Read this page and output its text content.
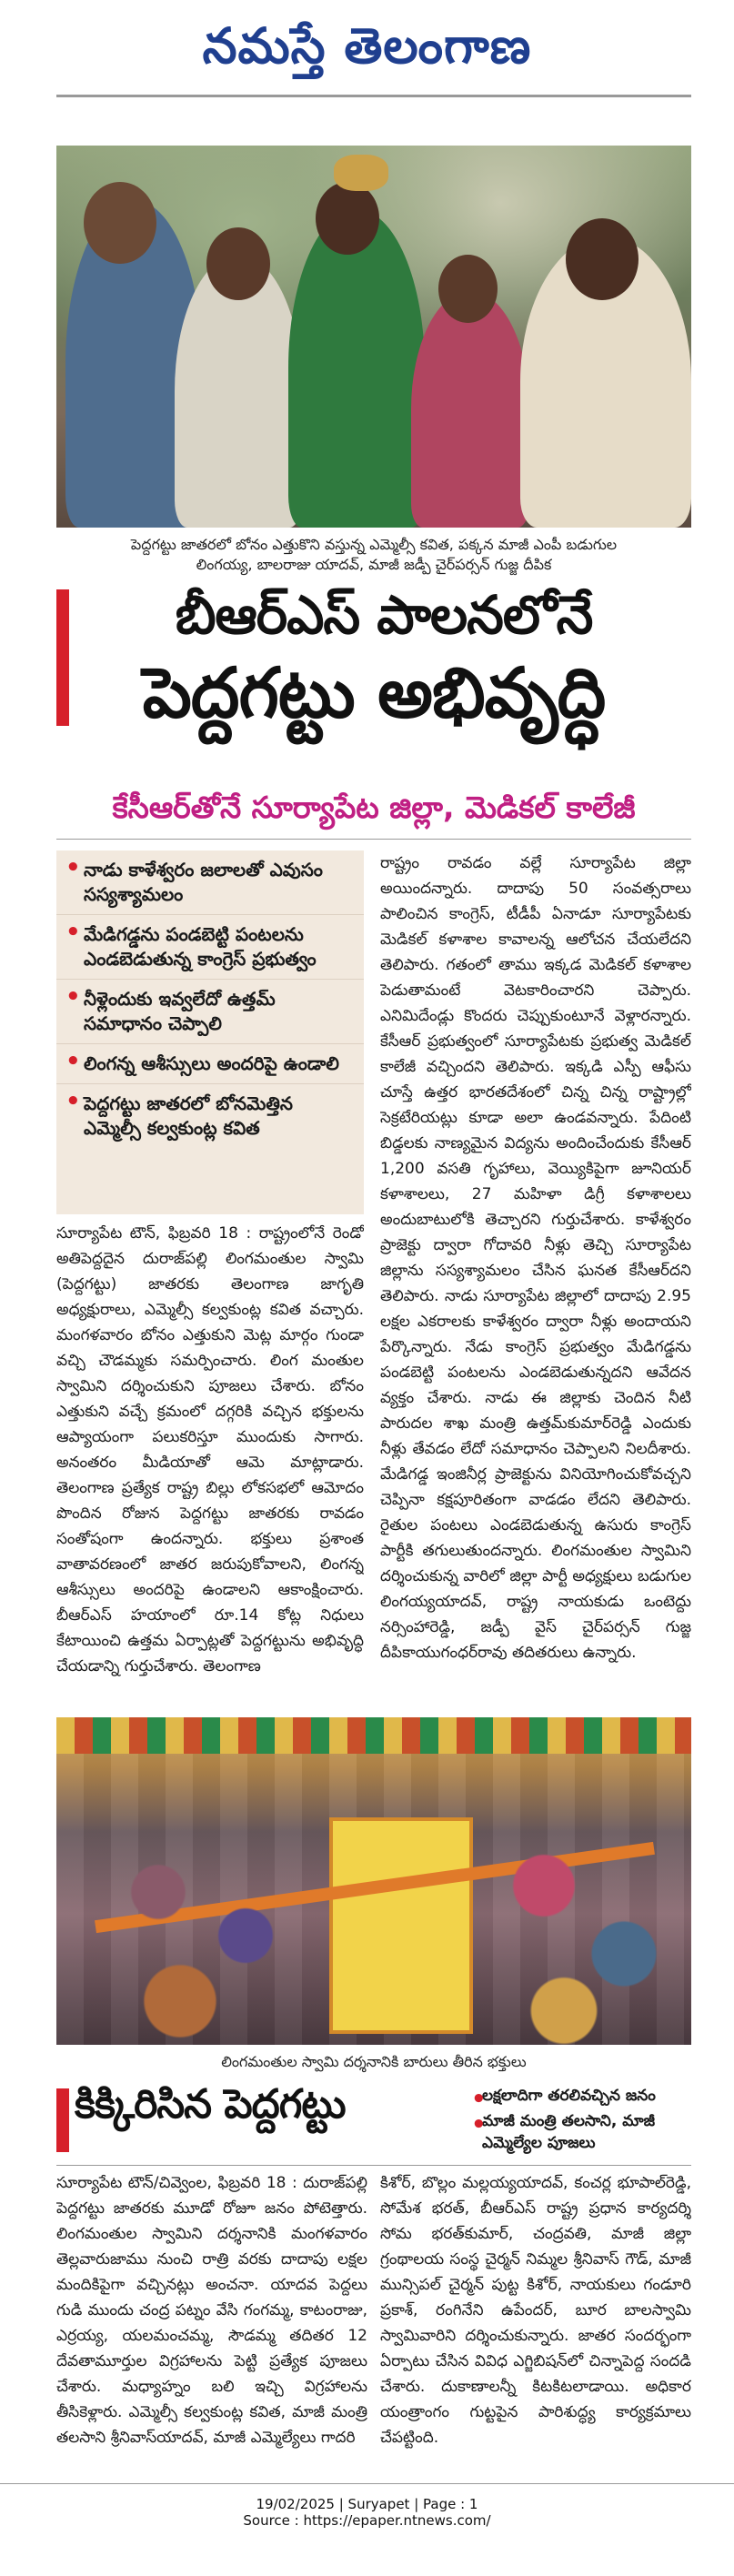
నమస్తే తెలంగాణ
పెద్దగట్టు జాతరలో బోనం ఎత్తుకొని వస్తున్న ఎమ్మెల్సీ కవిత, పక్కన మాజీ ఎంపీ బడుగుల
లింగయ్య, బాలరాజు యాదవ్, మాజీ జడ్పీ చైర్‌పర్సన్ గుజ్జ దీపిక
బీఆర్ఎస్ పాలనలోనే
పెద్దగట్టు అభివృద్ధి
కేసీఆర్‌తోనే సూర్యాపేట జిల్లా, మెడికల్ కాలేజీ
• నాడు కాళేశ్వరం జలాలతో ఎవుసం సస్యశ్యామలం
• మేడిగడ్డను పండబెట్టి పంటలను ఎండబెడుతున్న కాంగ్రెస్ ప్రభుత్వం
• నీళ్లెందుకు ఇవ్వలేదో ఉత్తమ్ సమాధానం చెప్పాలి
• లింగన్న ఆశీస్సులు అందరిపై ఉండాలి
• పెద్దగట్టు జాతరలో బోనమెత్తిన ఎమ్మెల్సీ కల్వకుంట్ల కవిత
సూర్యాపేట టౌన్, ఫిబ్రవరి 18 : రాష్ట్రంలోనే రెండో అతిపెద్దదైన దురాజ్‌పల్లి లింగమంతుల స్వామి (పెద్దగట్టు) జాతరకు తెలంగాణ జాగృతి అధ్యక్షురాలు, ఎమ్మెల్సీ కల్వకుంట్ల కవిత వచ్చారు. మంగళవారం బోనం ఎత్తుకుని మెట్ల మార్గం గుండా వచ్చి చౌడమ్మకు సమర్పించారు. లింగ మంతుల స్వామిని దర్శించుకుని పూజలు చేశారు. బోనం ఎత్తుకుని వచ్చే క్రమంలో దగ్గరికి వచ్చిన భక్తులను ఆప్యాయంగా పలుకరిస్తూ ముందుకు సాగారు. అనంతరం మీడియాతో ఆమె మాట్లాడారు. తెలంగాణ ప్రత్యేక రాష్ట్ర బిల్లు లోకసభలో ఆమోదం పొందిన రోజున పెద్దగట్టు జాతరకు రావడం సంతోషంగా ఉందన్నారు. భక్తులు ప్రశాంత వాతావరణంలో జాతర జరుపుకోవాలని, లింగన్న ఆశీస్సులు అందరిపై ఉండాలని ఆకాంక్షించారు. బీఆర్ఎస్ హయాంలో రూ.14 కోట్ల నిధులు కేటాయించి ఉత్తమ ఏర్పాట్లతో పెద్దగట్టును అభివృద్ధి చేయడాన్ని గుర్తుచేశారు. తెలంగాణ
రాష్ట్రం రావడం వల్లే సూర్యాపేట జిల్లా అయిందన్నారు. దాదాపు 50 సంవత్సరాలు పాలించిన కాంగ్రెస్, టీడీపీ ఏనాడూ సూర్యాపేటకు మెడికల్ కళాశాల కావాలన్న ఆలోచన చేయలేదని తెలిపారు. గతంలో తాము ఇక్కడ మెడికల్ కళాశాల పెడుతామంటే వెటకారించారని చెప్పారు. ఎనిమిదేండ్లు కొందరు చెప్పుకుంటూనే వెళ్లారన్నారు. కేసీఆర్ ప్రభుత్వంలో సూర్యాపేటకు ప్రభుత్వ మెడికల్ కాలేజీ వచ్చిందని తెలిపారు. ఇక్కడి ఎస్పీ ఆఫీసు చూస్తే ఉత్తర భారతదేశంలో చిన్న చిన్న రాష్ట్రాల్లో సెక్రటేరియట్లు కూడా అలా ఉండవన్నారు. పేదింటి బిడ్డలకు నాణ్యమైన విద్యను అందించేందుకు కేసీఆర్ 1,200 వసతి గృహాలు, వెయ్యికిపైగా జూనియర్ కళాశాలలు, 27 మహిళా డిగ్రీ కళాశాలలు అందుబాటులోకి తెచ్చారని గుర్తుచేశారు. కాళేశ్వరం ప్రాజెక్టు ద్వారా గోదావరి నీళ్లు తెచ్చి సూర్యాపేట జిల్లాను సస్యశ్యామలం చేసిన ఘనత కేసీఆర్‌దని తెలిపారు. నాడు సూర్యాపేట జిల్లాలో దాదాపు 2.95 లక్షల ఎకరాలకు కాళేశ్వరం ద్వారా నీళ్లు అందాయని పేర్కొన్నారు. నేడు కాంగ్రెస్ ప్రభుత్వం మేడిగడ్డను పండబెట్టి పంటలను ఎండబెడుతున్నదని ఆవేదన వ్యక్తం చేశారు. నాడు ఈ జిల్లాకు చెందిన నీటి పారుదల శాఖ మంత్రి ఉత్తమ్‌కుమార్‌రెడ్డి ఎందుకు నీళ్లు తేవడం లేదో సమాధానం చెప్పాలని నిలదీశారు. మేడిగడ్డ ఇంజినీర్ల ప్రాజెక్టును వినియోగించుకోవచ్చని చెప్పినా కక్షపూరితంగా వాడడం లేదని తెలిపారు. రైతుల పంటలు ఎండబెడుతున్న ఉసురు కాంగ్రెస్ పార్టీకి తగులుతుందన్నారు. లింగమంతుల స్వామిని దర్శించుకున్న వారిలో జిల్లా పార్టీ అధ్యక్షులు బడుగుల లింగయ్యయాదవ్, రాష్ట్ర నాయకుడు ఒంటెద్దు నర్సింహారెడ్డి, జడ్పీ వైస్ చైర్‌పర్సన్ గుజ్జ దీపికాయుగంధర్‌రావు తదితరులు ఉన్నారు.
లింగమంతుల స్వామి దర్శనానికి బారులు తీరిన భక్తులు
కిక్కిరిసిన పెద్దగట్టు
•	లక్షలాదిగా తరలివచ్చిన జనం
• మాజీ మంత్రి తలసాని, మాజీ ఎమ్మెల్యేల పూజలు
సూర్యాపేట టౌన్/చివ్వెంల, ఫిబ్రవరి 18 : దురాజ్‌పల్లి పెద్దగట్టు జాతరకు మూడో రోజూ జనం పోటెత్తారు. లింగమంతుల స్వామిని దర్శనానికి మంగళవారం తెల్లవారుజాము నుంచి రాత్రి వరకు దాదాపు లక్షల మందికిపైగా వచ్చినట్లు అంచనా. యాదవ పెద్దలు గుడి ముందు చంద్ర పట్నం వేసి గంగమ్మ, కాటంరాజు, ఎర్రయ్య, యలమంచమ్మ, సౌడమ్మ తదితర 12 దేవతామూర్తుల విగ్రహాలను పెట్టి ప్రత్యేక పూజలు చేశారు. మధ్యాహ్నం బలి ఇచ్చి విగ్రహాలను తీసికెళ్లారు. ఎమ్మెల్సీ కల్వకుంట్ల కవిత, మాజీ మంత్రి తలసాని శ్రీనివాస్‌యాదవ్, మాజీ ఎమ్మెల్యేలు గాదరి
కిశోర్, బొల్లం మల్లయ్యయాదవ్, కంచర్ల భూపాల్‌రెడ్డి, సోమేశ భరత్, బీఆర్ఎస్ రాష్ట్ర ప్రధాన కార్యదర్శి సోమ భరత్‌కుమార్, చంద్రవతి, మాజీ జిల్లా గ్రంథాలయ సంస్థ చైర్మన్ నిమ్మల శ్రీనివాస్ గౌడ్, మాజీ మున్సిపల్ చైర్మన్ పుట్ట కిశోర్, నాయకులు గండూరి ప్రకాశ్, రంగినేని ఉపేందర్, బూర బాలస్వామి స్వామివారిని దర్శించుకున్నారు. జాతర సందర్భంగా ఏర్పాటు చేసిన వివిధ ఎగ్జిబిషన్‌లో చిన్నాపెద్ద సందడి చేశారు. దుకాణాలన్నీ కిటకిటలాడాయి. అధికార యంత్రాంగం గుట్టపైన పారిశుద్ధ్య కార్యక్రమాలు చేపట్టింది.
19/02/2025 | Suryapet | Page : 1
Source : https://epaper.ntnews.com/
